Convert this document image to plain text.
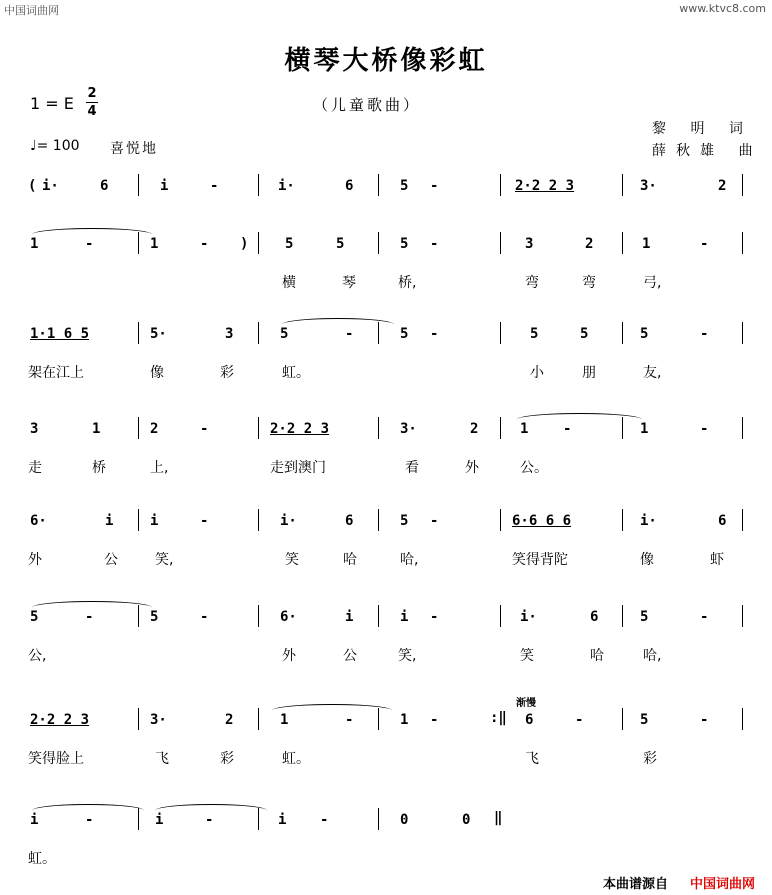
中国词曲网	www.ktvc8.com
横琴大桥像彩虹
1 = E
2
4	（儿童歌曲）
黎 明 词
薛秋雄 曲
♩= 100 喜悦地
( i·	6	i	-	i·	6	5 -	2·2 2 3	3·	2
1	-	1	- )	5	5	5 -	3	2	1	-
横	琴	桥,	弯	弯	弓,
1·1 6 5	5·	3	5	-	5 -	5	5	5	-
架在江上	像	彩	虹。	小	朋	友,
3	1	2	-	2·2 2 3	3·	2	1 -	1	-
走	桥	上,	走到澳门	看	外	公。
6·	i	i	-	i·	6	5 -	6·6 6 6	i·	6
外	公	笑,	笑	哈	哈,	笑得背陀	像	虾
5	-	5	-	6·	i	i -	i·	6	5	-
公,	外	公	笑,	笑	哈	哈,
2·2 2 3	3·	2	1	-	1 -	:‖ 6	-	5	-
笑得脸上	飞	彩	虹。	飞	彩
i	-	i	-	i -	0	0 ‖
虹。
渐慢
本曲谱源自 中国词曲网
